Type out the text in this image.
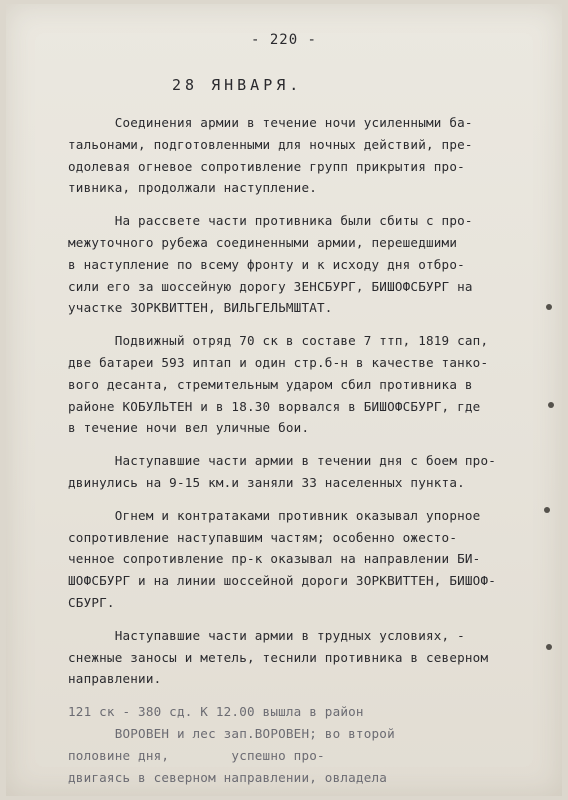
- 220 -
28 ЯНВАРЯ.
Соединения армии в течение ночи усиленными ба-
тальонами, подготовленными для ночных действий, пре-
одолевая огневое сопротивление групп прикрытия про-
тивника, продолжали наступление.
На рассвете части противника были сбиты с про-
межуточного рубежа соединенными армии, перешедшими
в наступление по всему фронту и к исходу дня отбро-
сили его за шоссейную дорогу ЗЕНСБУРГ, БИШОФСБУРГ на
участке ЗОРКВИТТЕН, ВИЛЬГЕЛЬМШТАТ.
Подвижный отряд 70 ск в составе 7 ттп, 1819 сап,
две батареи 593 иптап и один стр.б-н в качестве танко-
вого десанта, стремительным ударом сбил противника в
районе КОБУЛЬТЕН и в 18.30 ворвался в БИШОФСБУРГ, где
в течение ночи вел уличные бои.
Наступавшие части армии в течении дня с боем про-
двинулись на 9-15 км.и заняли 33 населенных пункта.
Огнем и контратаками противник оказывал упорное
сопротивление наступавшим частям; особенно ожесто-
ченное сопротивление пр-к оказывал на направлении БИ-
ШОФСБУРГ и на линии шоссейной дороги ЗОРКВИТТЕН, БИШОФ-
СБУРГ.
Наступавшие части армии в трудных условиях, -
снежные заносы и метель, теснили противника в северном
направлении.
121 ск - 380 сд. К 12.00 вышла в район
ВОРОВЕН и лес зап.ВОРОВЕН; во второй
половине дня,        успешно про-
двигаясь в северном направлении, овладела
